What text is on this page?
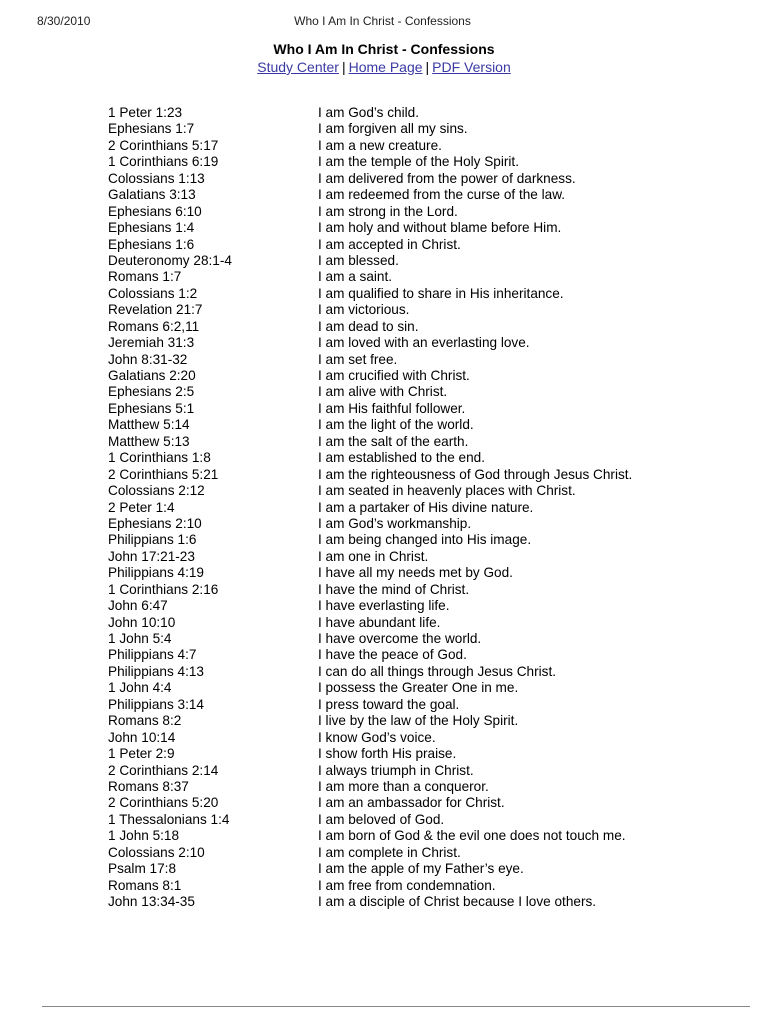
8/30/2010	Who I Am In Christ - Confessions
Who I Am In Christ - Confessions
Study Center | Home Page | PDF Version
1 Peter 1:23	I am God’s child.
Ephesians 1:7	I am forgiven all my sins.
2 Corinthians 5:17	I am a new creature.
1 Corinthians 6:19	I am the temple of the Holy Spirit.
Colossians 1:13	I am delivered from the power of darkness.
Galatians 3:13	I am redeemed from the curse of the law.
Ephesians 6:10	I am strong in the Lord.
Ephesians 1:4	I am holy and without blame before Him.
Ephesians 1:6	I am accepted in Christ.
Deuteronomy 28:1-4	I am blessed.
Romans 1:7	I am a saint.
Colossians 1:2	I am qualified to share in His inheritance.
Revelation 21:7	I am victorious.
Romans 6:2,11	I am dead to sin.
Jeremiah 31:3	I am loved with an everlasting love.
John 8:31-32	I am set free.
Galatians 2:20	I am crucified with Christ.
Ephesians 2:5	I am alive with Christ.
Ephesians 5:1	I am His faithful follower.
Matthew 5:14	I am the light of the world.
Matthew 5:13	I am the salt of the earth.
1 Corinthians 1:8	I am established to the end.
2 Corinthians 5:21	I am the righteousness of God through Jesus Christ.
Colossians 2:12	I am seated in heavenly places with Christ.
2 Peter 1:4	I am a partaker of His divine nature.
Ephesians 2:10	I am God’s workmanship.
Philippians 1:6	I am being changed into His image.
John 17:21-23	I am one in Christ.
Philippians 4:19	I have all my needs met by God.
1 Corinthians 2:16	I have the mind of Christ.
John 6:47	I have everlasting life.
John 10:10	I have abundant life.
1 John 5:4	I have overcome the world.
Philippians 4:7	I have the peace of God.
Philippians 4:13	I can do all things through Jesus Christ.
1 John 4:4	I possess the Greater One in me.
Philippians 3:14	I press toward the goal.
Romans 8:2	I live by the law of the Holy Spirit.
John 10:14	I know God’s voice.
1 Peter 2:9	I show forth His praise.
2 Corinthians 2:14	I always triumph in Christ.
Romans 8:37	I am more than a conqueror.
2 Corinthians 5:20	I am an ambassador for Christ.
1 Thessalonians 1:4	I am beloved of God.
1 John 5:18	I am born of God & the evil one does not touch me.
Colossians 2:10	I am complete in Christ.
Psalm 17:8	I am the apple of my Father’s eye.
Romans 8:1	I am free from condemnation.
John 13:34-35	I am a disciple of Christ because I love others.
